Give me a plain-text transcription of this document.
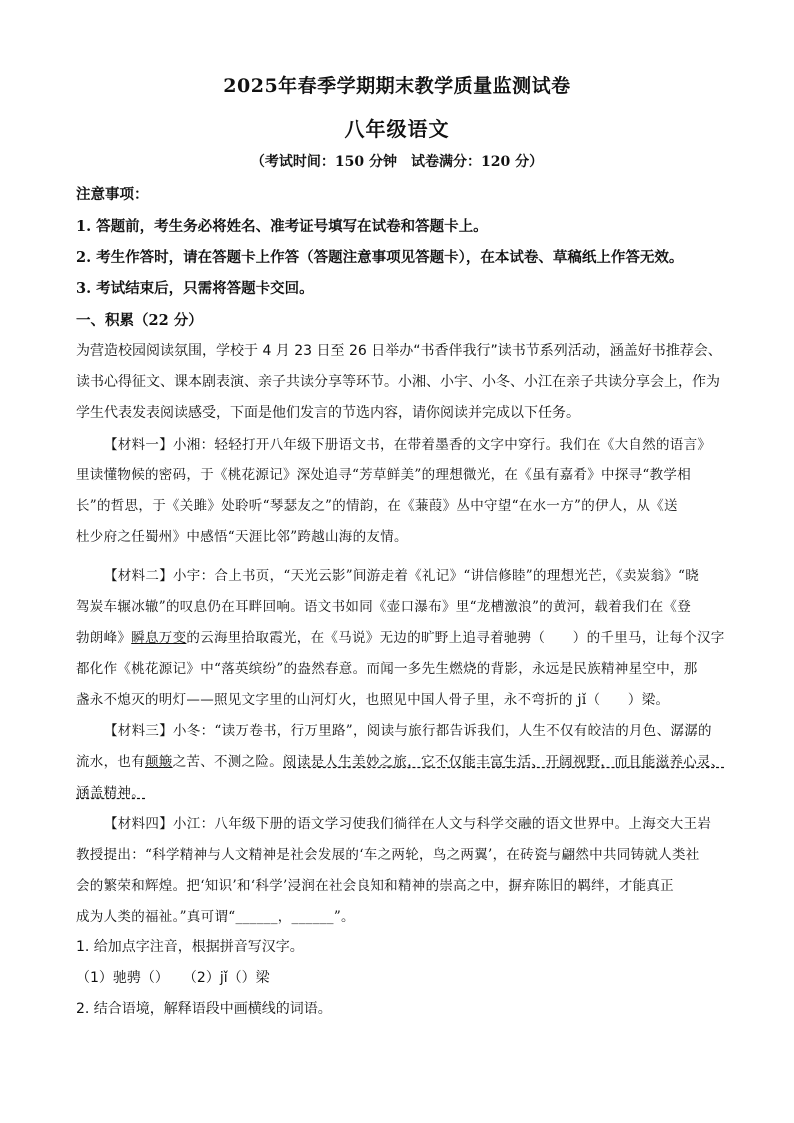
2025年春季学期期末教学质量监测试卷
八年级语文
（考试时间：150 分钟　试卷满分：120 分）
注意事项：
1. 答题前，考生务必将姓名、准考证号填写在试卷和答题卡上。
2. 考生作答时，请在答题卡上作答（答题注意事项见答题卡），在本试卷、草稿纸上作答无效。
3. 考试结束后，只需将答题卡交回。
一、积累（22 分）
为营造校园阅读氛围，学校于 4 月 23 日至 26 日举办“书香伴我行”读书节系列活动，涵盖好书推荐会、
读书心得征文、课本剧表演、亲子共读分享等环节。小湘、小宇、小冬、小江在亲子共读分享会上，作为
学生代表发表阅读感受，下面是他们发言的节选内容，请你阅读并完成以下任务。
【材料一】小湘：轻轻打开八年级下册语文书，在带着墨香的文字中穿行。我们在《大自然的语言》
里读懂物候的密码，于《桃花源记》深处追寻“芳草鲜美”的理想微光，在《虽有嘉肴》中探寻“教学相
长”的哲思，于《关雎》处聆听“琴瑟友之”的情韵，在《蒹葭》丛中守望“在水一方”的伊人，从《送
杜少府之任蜀州》中感悟“天涯比邻”跨越山海的友情。
【材料二】小宇：合上书页，“天光云影”间游走着《礼记》“讲信修睦”的理想光芒，《卖炭翁》“晓
驾炭车辗冰辙”的叹息仍在耳畔回响。语文书如同《壶口瀑布》里“龙槽激浪”的黄河，载着我们在《登
勃朗峰》瞬息万变的云海里拾取霞光，在《马说》无边的旷野上追寻着驰骋（　　）的千里马，让每个汉字
都化作《桃花源记》中“落英缤纷”的盎然春意。而闻一多先生燃烧的背影，永远是民族精神星空中，那
盏永不熄灭的明灯——照见文字里的山河灯火，也照见中国人骨子里，永不弯折的 jǐ（　　）梁。
【材料三】小冬：“读万卷书，行万里路”，阅读与旅行都告诉我们，人生不仅有皎洁的月色、潺潺的
流水，也有颠簸之苦、不测之险。阅读是人生美妙之旅，它不仅能丰富生活、开阔视野，而且能滋养心灵、
涵盖精神。
【材料四】小江：八年级下册的语文学习使我们徜徉在人文与科学交融的语文世界中。上海交大王岩
教授提出：“科学精神与人文精神是社会发展的‘车之两轮，鸟之两翼’，在砖瓷与翩然中共同铸就人类社
会的繁荣和辉煌。把‘知识’和‘科学’浸润在社会良知和精神的崇高之中，摒弃陈旧的羁绊，才能真正
成为人类的福祉。”真可谓“______，______”。
1. 给加点字注音，根据拼音写汉字。
（1）驰骋（）　　（2）jǐ（）梁
2. 结合语境，解释语段中画横线的词语。
